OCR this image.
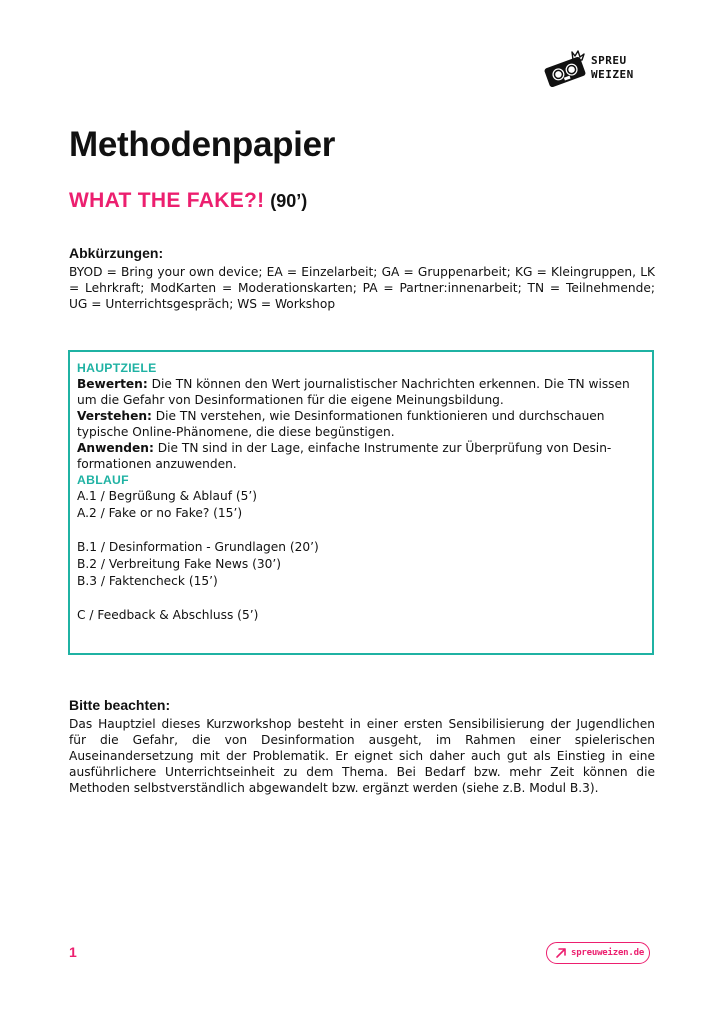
SPREU
WEIZEN
Methodenpapier
WHAT THE FAKE?! (90’)

Abkürzungen:

BYOD = Bring your own device; EA = Einzelarbeit; GA = Gruppenarbeit; KG = Kleingruppen, LK = Lehrkraft; ModKarten = Moderationskarten; PA = Partner:innenarbeit; TN = Teilnehmende; UG = Unterrichtsgespräch; WS = Workshop

HAUPTZIELE

Bewerten: Die TN können den Wert journalistischer Nachrichten erkennen. Die TN wissen um die Gefahr von Desinformationen für die eigene Meinungsbildung.

Verstehen: Die TN verstehen, wie Desinformationen funktionieren und durchschauen typische Online-Phänomene, die diese begünstigen.

Anwenden: Die TN sind in der Lage, einfache Instrumente zur Überprüfung von Desinformationen anzuwenden.

ABLAUF

A.1 / Begrüßung & Ablauf (5’)
A.2 / Fake or no Fake? (15’)
B.1 / Desinformation - Grundlagen (20’)
B.2 / Verbreitung Fake News (30’)
B.3 / Faktencheck (15’)
C / Feedback & Abschluss (5’)

Bitte beachten:

Das Hauptziel dieses Kurzworkshop besteht in einer ersten Sensibilisierung der Jugendlichen für die Gefahr, die von Desinformation ausgeht, im Rahmen einer spielerischen Auseinandersetzung mit der Problematik. Er eignet sich daher auch gut als Einstieg in eine ausführlichere Unterrichtseinheit zu dem Thema. Bei Bedarf bzw. mehr Zeit können die Methoden selbstverständlich abgewandelt bzw. ergänzt werden (siehe z.B. Modul B.3).

1	spreuweizen.de
